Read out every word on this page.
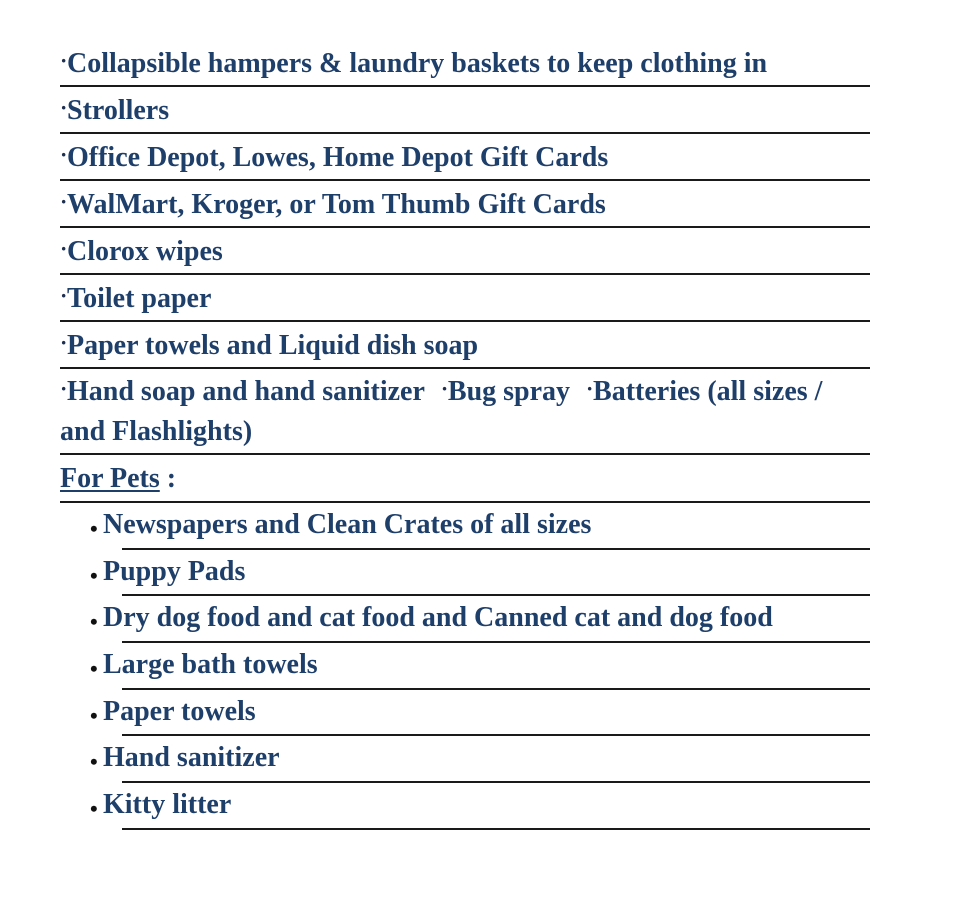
·Collapsible hampers & laundry baskets to keep clothing in
·Strollers
·Office Depot, Lowes, Home Depot Gift Cards
·WalMart, Kroger, or Tom Thumb Gift Cards
·Clorox wipes
·Toilet paper
·Paper towels and Liquid dish soap
·Hand soap and hand sanitizer ·Bug spray ·Batteries (all sizes / and Flashlights)
For Pets :
• Newspapers and Clean Crates of all sizes
• Puppy Pads
• Dry dog food and cat food and Canned cat and dog food
• Large bath towels
• Paper towels
• Hand sanitizer
• Kitty litter
